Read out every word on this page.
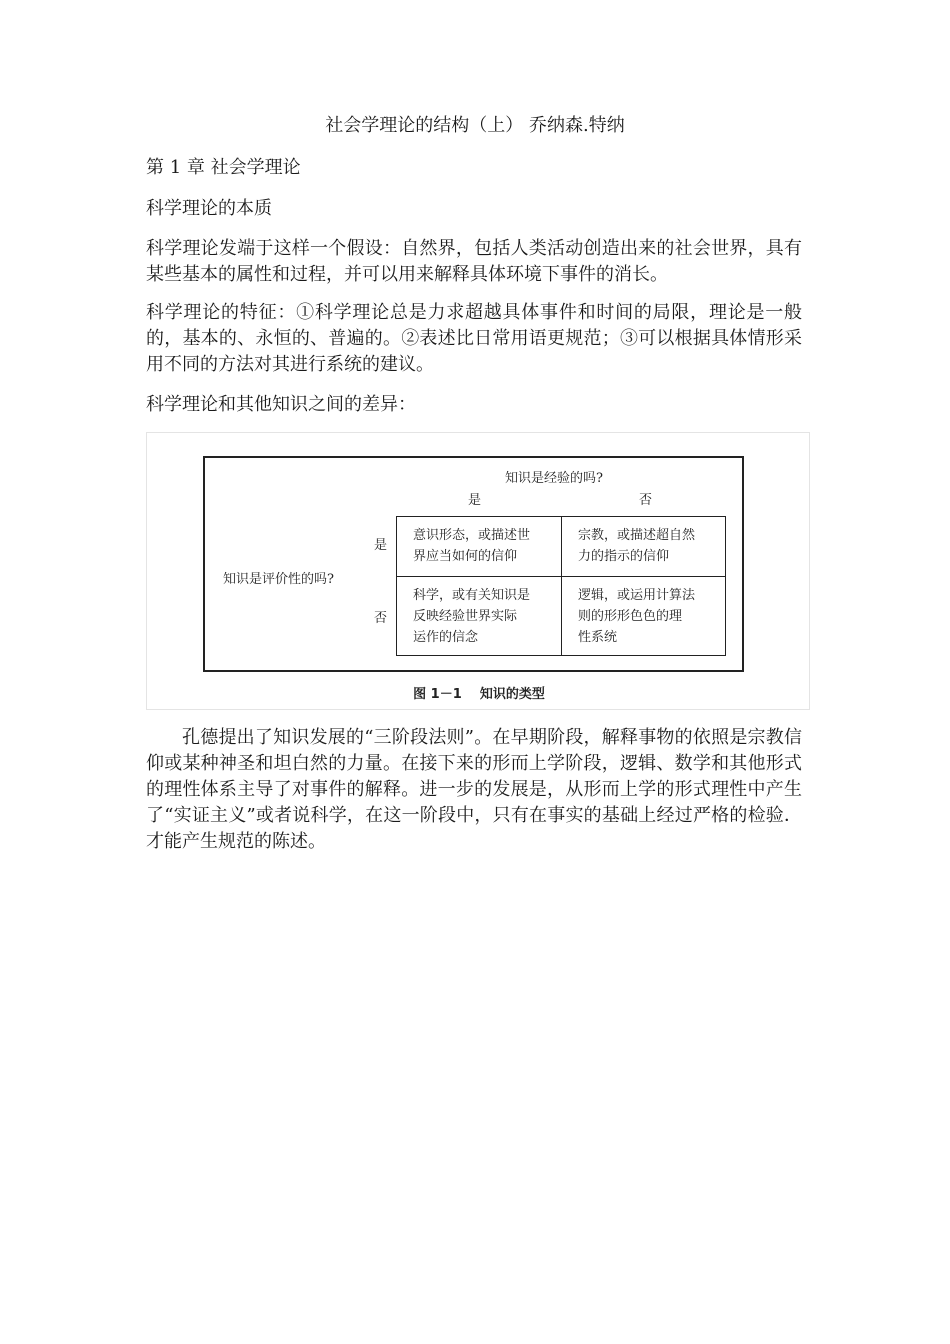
社会学理论的结构（上） 乔纳森.特纳

第 1 章 社会学理论

科学理论的本质

科学理论发端于这样一个假设：自然界，包括人类活动创造出来的社会世界，具有某些基本的属性和过程，并可以用来解释具体环境下事件的消长。

科学理论的特征：①科学理论总是力求超越具体事件和时间的局限，理论是一般的，基本的、永恒的、普遍的。②表述比日常用语更规范；③可以根据具体情形采用不同的方法对其进行系统的建议。

科学理论和其他知识之间的差异：

知识是经验的吗?
是	否
知识是评价性的吗?
是
否
意识形态，或描述世
界应当如何的信仰
宗教，或描述超自然
力的指示的信仰
科学，或有关知识是
反映经验世界实际
运作的信念
逻辑，或运用计算法
则的形形色色的理
性系统
图 1－1    知识的类型

孔德提出了知识发展的“三阶段法则”。在早期阶段，解释事物的依照是宗教信仰或某种神圣和坦白然的力量。在接下来的形而上学阶段，逻辑、数学和其他形式的理性体系主导了对事件的解释。进一步的发展是，从形而上学的形式理性中产生了“实证主义”或者说科学，在这一阶段中，只有在事实的基础上经过严格的检验．才能产生规范的陈述。
